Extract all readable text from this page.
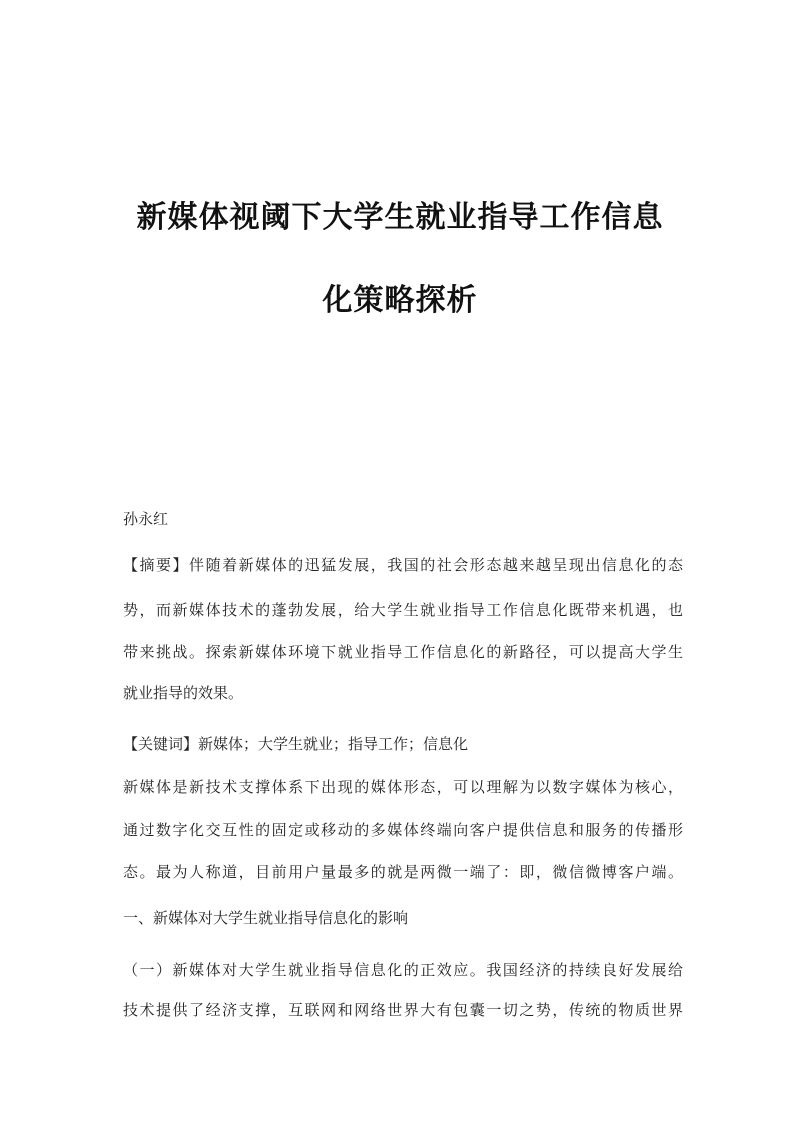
新媒体视阈下大学生就业指导工作信息
化策略探析
孙永红
【摘要】伴随着新媒体的迅猛发展，我国的社会形态越来越呈现出信息化的态
势，而新媒体技术的蓬勃发展，给大学生就业指导工作信息化既带来机遇，也
带来挑战。探索新媒体环境下就业指导工作信息化的新路径，可以提高大学生
就业指导的效果。
【关键词】新媒体；大学生就业；指导工作；信息化
新媒体是新技术支撑体系下出现的媒体形态，可以理解为以数字媒体为核心，
通过数字化交互性的固定或移动的多媒体终端向客户提供信息和服务的传播形
态。最为人称道，目前用户量最多的就是两微一端了：即，微信微博客户端。
一、新媒体对大学生就业指导信息化的影响
（一）新媒体对大学生就业指导信息化的正效应。我国经济的持续良好发展给
技术提供了经济支撑，互联网和网络世界大有包囊一切之势，传统的物质世界
